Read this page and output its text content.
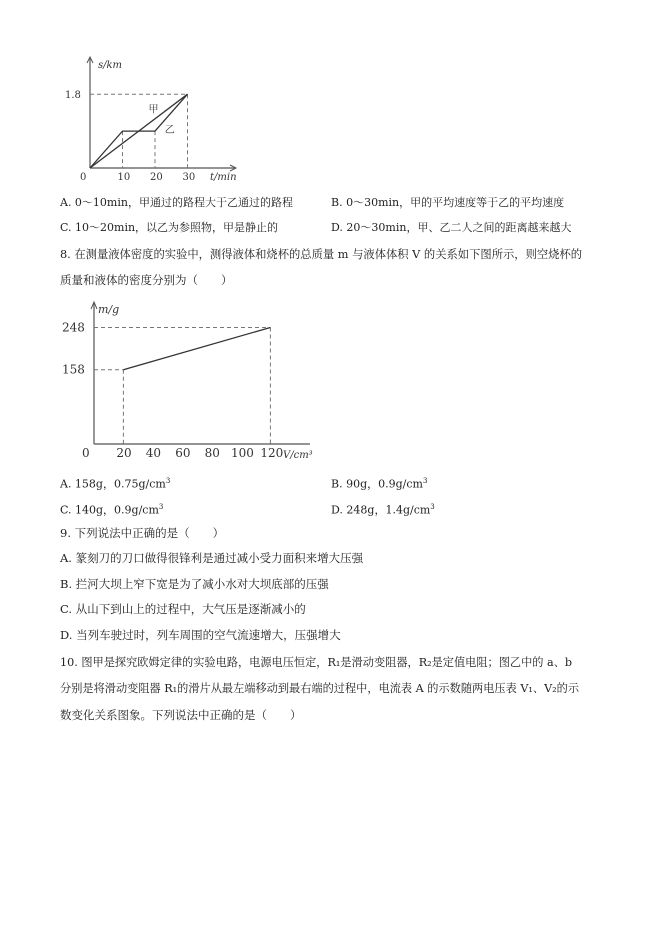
s/km
t/min
1.8
0	10 20 30
甲
乙
A. 0～10min，甲通过的路程大于乙通过的路程	B. 0～30min，甲的平均速度等于乙的平均速度
C. 10～20min，以乙为参照物，甲是静止的	D. 20～30min，甲、乙二人之间的距离越来越大
8. 在测量液体密度的实验中，测得液体和烧杯的总质量 m 与液体体积 V 的关系如下图所示，则空烧杯的
质量和液体的密度分别为（　　）
m/g
V/cm³
158
248
0 20 40 60 80 100 120
A. 158g，$0.75g/cm^3$	B. 90g，$0.9g/cm^3$
C. 140g，$0.9g/cm^3$	D. 248g，$1.4g/cm^3$
9. 下列说法中正确的是（　　）
A. 篆刻刀的刀口做得很锋利是通过减小受力面积来增大压强
B. 拦河大坝上窄下宽是为了减小水对大坝底部的压强
C. 从山下到山上的过程中，大气压是逐渐减小的
D. 当列车驶过时，列车周围的空气流速增大，压强增大
10. 图甲是探究欧姆定律的实验电路，电源电压恒定，R₁是滑动变阻器，R₂是定值电阻；图乙中的 a、b
分别是将滑动变阻器 R₁的滑片从最左端移动到最右端的过程中，电流表 A 的示数随两电压表 V₁、V₂的示
数变化关系图象。下列说法中正确的是（　　）
